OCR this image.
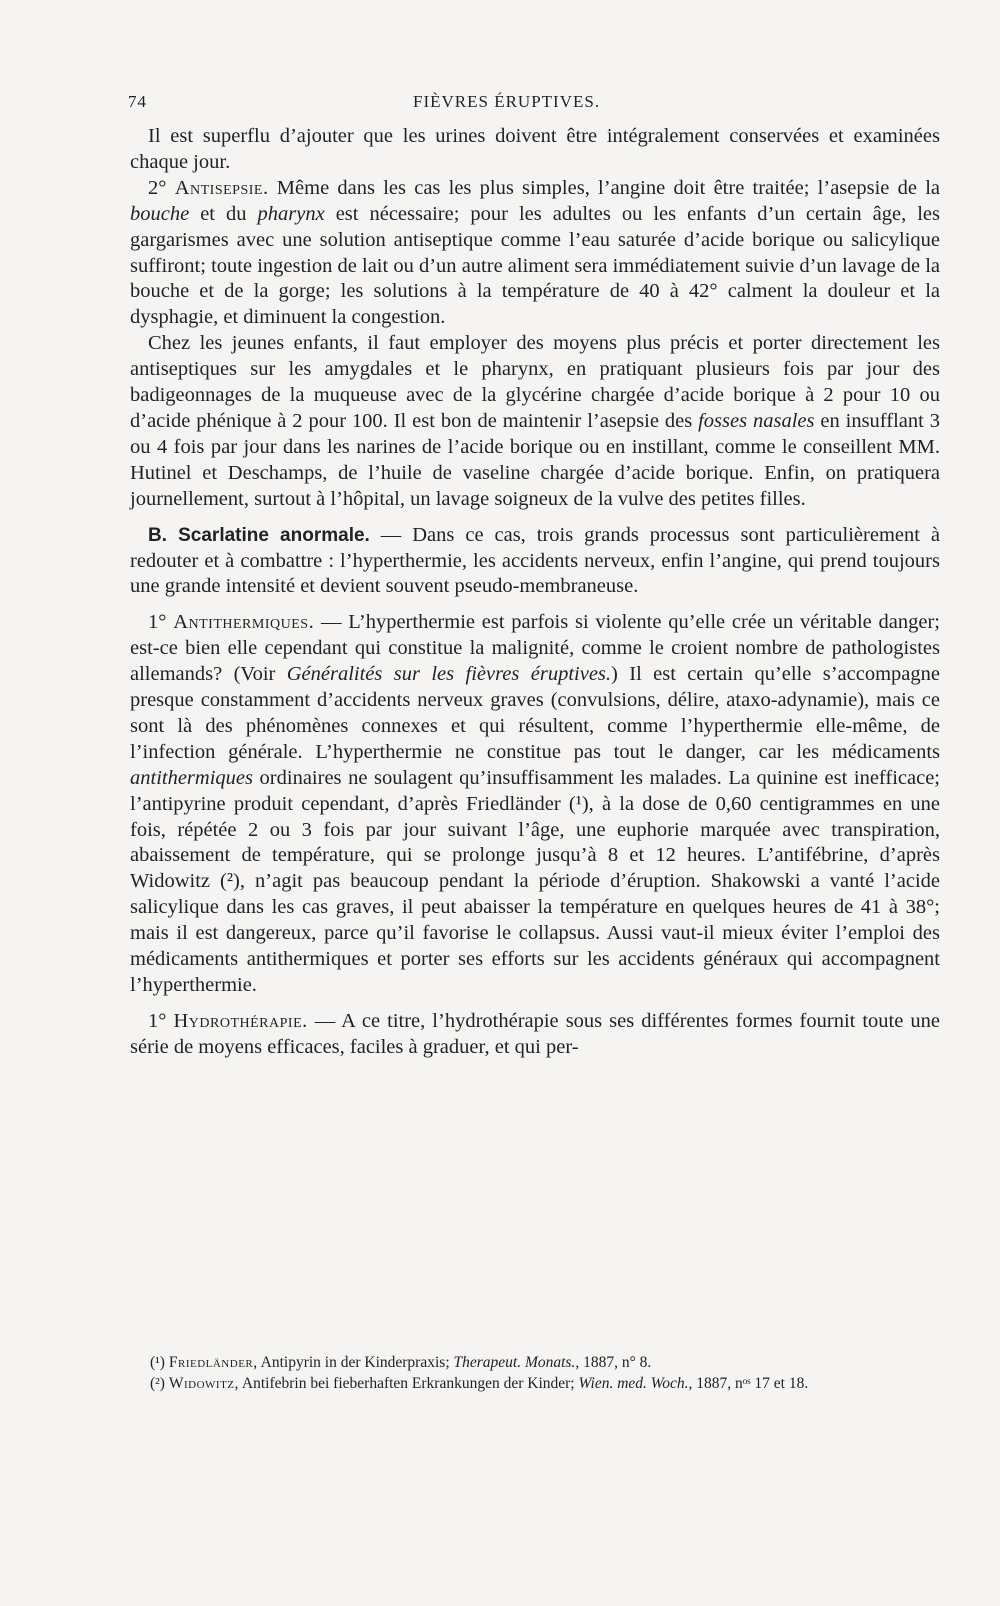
74	FIÈVRES ÉRUPTIVES.

Il est superflu d’ajouter que les urines doivent être intégralement conservées et examinées chaque jour.

2° Antisepsie. Même dans les cas les plus simples, l’angine doit être traitée; l’asepsie de la bouche et du pharynx est nécessaire; pour les adultes ou les enfants d’un certain âge, les gargarismes avec une solution antiseptique comme l’eau saturée d’acide borique ou salicylique suffiront; toute ingestion de lait ou d’un autre aliment sera immédiatement suivie d’un lavage de la bouche et de la gorge; les solutions à la température de 40 à 42° calment la douleur et la dysphagie, et diminuent la congestion.

Chez les jeunes enfants, il faut employer des moyens plus précis et porter directement les antiseptiques sur les amygdales et le pharynx, en pratiquant plusieurs fois par jour des badigeonnages de la muqueuse avec de la glycérine chargée d’acide borique à 2 pour 10 ou d’acide phénique à 2 pour 100. Il est bon de maintenir l’asepsie des fosses nasales en insufflant 3 ou 4 fois par jour dans les narines de l’acide borique ou en instillant, comme le conseillent MM. Hutinel et Deschamps, de l’huile de vaseline chargée d’acide borique. Enfin, on pratiquera journellement, surtout à l’hôpital, un lavage soigneux de la vulve des petites filles.

B. Scarlatine anormale. — Dans ce cas, trois grands processus sont particulièrement à redouter et à combattre : l’hyperthermie, les accidents nerveux, enfin l’angine, qui prend toujours une grande intensité et devient souvent pseudo-membraneuse.

1° Antithermiques. — L’hyperthermie est parfois si violente qu’elle crée un véritable danger; est-ce bien elle cependant qui constitue la malignité, comme le croient nombre de pathologistes allemands? (Voir Généralités sur les fièvres éruptives.) Il est certain qu’elle s’accompagne presque constamment d’accidents nerveux graves (convulsions, délire, ataxo-adynamie), mais ce sont là des phénomènes connexes et qui résultent, comme l’hyperthermie elle-même, de l’infection générale. L’hyperthermie ne constitue pas tout le danger, car les médicaments antithermiques ordinaires ne soulagent qu’insuffisamment les malades. La quinine est inefficace; l’antipyrine produit cependant, d’après Friedländer (¹), à la dose de 0,60 centigrammes en une fois, répétée 2 ou 3 fois par jour suivant l’âge, une euphorie marquée avec transpiration, abaissement de température, qui se prolonge jusqu’à 8 et 12 heures. L’antifébrine, d’après Widowitz (²), n’agit pas beaucoup pendant la période d’éruption. Shakowski a vanté l’acide salicylique dans les cas graves, il peut abaisser la température en quelques heures de 41 à 38°; mais il est dangereux, parce qu’il favorise le collapsus. Aussi vaut-il mieux éviter l’emploi des médicaments antithermiques et porter ses efforts sur les accidents généraux qui accompagnent l’hyperthermie.

1° Hydrothérapie. — A ce titre, l’hydrothérapie sous ses différentes formes fournit toute une série de moyens efficaces, faciles à graduer, et qui per-

(¹) Friedländer, Antipyrin in der Kinderpraxis; Therapeut. Monats., 1887, n° 8.

(²) Widowitz, Antifebrin bei fieberhaften Erkrankungen der Kinder; Wien. med. Woch., 1887, nᵒˢ 17 et 18.
